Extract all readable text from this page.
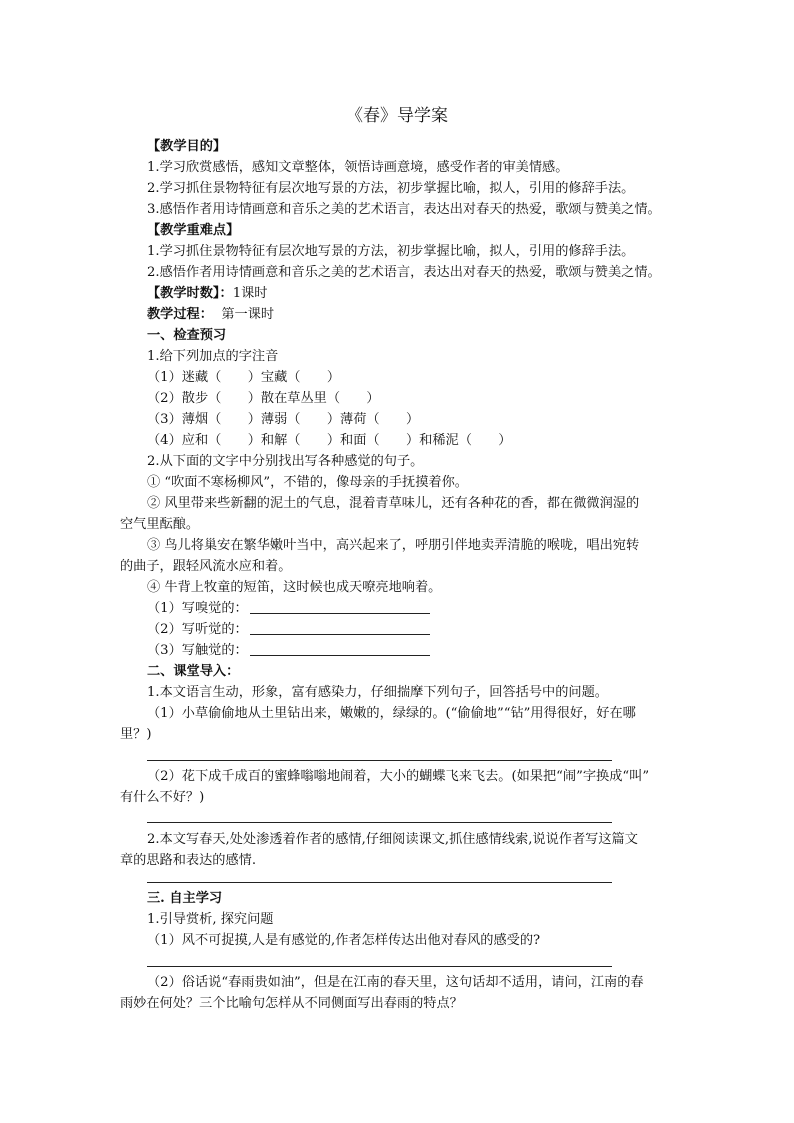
《春》导学案
【教学目的】
1.学习欣赏感悟，感知文章整体，领悟诗画意境，感受作者的审美情感。
2.学习抓住景物特征有层次地写景的方法，初步掌握比喻，拟人，引用的修辞手法。
3.感悟作者用诗情画意和音乐之美的艺术语言，表达出对春天的热爱，歌颂与赞美之情。
【教学重难点】
1.学习抓住景物特征有层次地写景的方法，初步掌握比喻，拟人，引用的修辞手法。
2.感悟作者用诗情画意和音乐之美的艺术语言，表达出对春天的热爱，歌颂与赞美之情。
【教学时数】：1课时
教学过程： 第一课时
一、检查预习
1.给下列加点的字注音
（1）迷藏（　　）宝藏（　　）
（2）散步（　　）散在草丛里（　　）
（3）薄烟（　　）薄弱（　　）薄荷（　　）
（4）应和（　　）和解（　　）和面（　　）和稀泥（　　）
2.从下面的文字中分别找出写各种感觉的句子。
① “吹面不寒杨柳风”，不错的，像母亲的手抚摸着你。
② 风里带来些新翻的泥土的气息，混着青草味儿，还有各种花的香，都在微微润湿的
空气里酝酿。
③ 鸟儿将巢安在繁华嫩叶当中，高兴起来了，呼朋引伴地卖弄清脆的喉咙，唱出宛转
的曲子，跟轻风流水应和着。
④ 牛背上牧童的短笛，这时候也成天嘹亮地响着。
（1）写嗅觉的：
（2）写听觉的：
（3）写触觉的：
二、课堂导入：
1.本文语言生动，形象，富有感染力，仔细揣摩下列句子，回答括号中的问题。
（1）小草偷偷地从土里钻出来，嫩嫩的，绿绿的。(“偷偷地”“钻”用得很好，好在哪
里？)
（2）花下成千成百的蜜蜂嗡嗡地闹着，大小的蝴蝶飞来飞去。(如果把“闹”字换成“叫”
有什么不好？)
2.本文写春天,处处渗透着作者的感情,仔细阅读课文,抓住感情线索,说说作者写这篇文
章的思路和表达的感情.
三. 自主学习
1.引导赏析, 探究问题
（1）风不可捉摸,人是有感觉的,作者怎样传达出他对春风的感受的?
（2）俗话说“春雨贵如油”，但是在江南的春天里，这句话却不适用，请问，江南的春
雨妙在何处？三个比喻句怎样从不同侧面写出春雨的特点？
